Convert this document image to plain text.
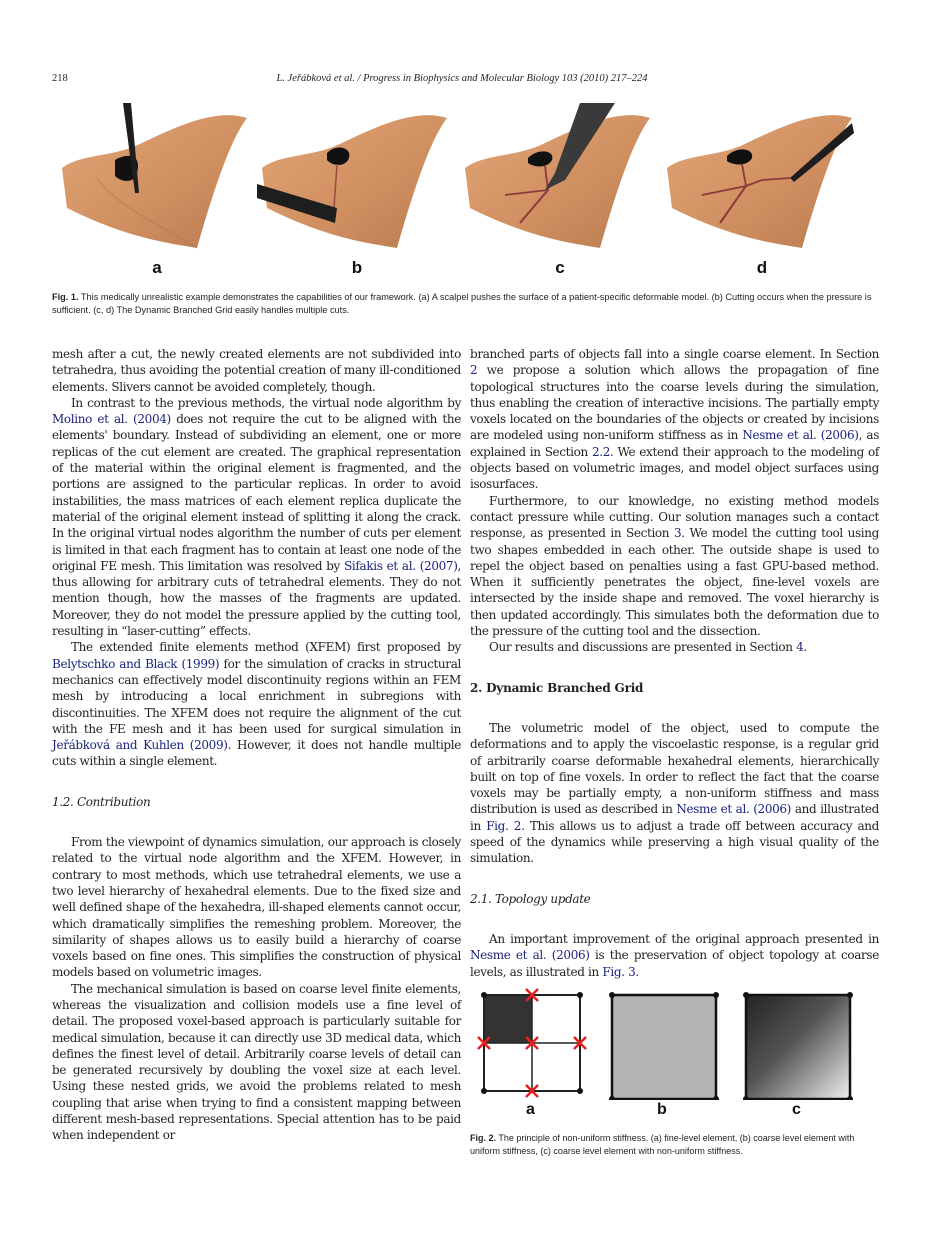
218	L. Jeřábková et al. / Progress in Biophysics and Molecular Biology 103 (2010) 217–224
a	b	c	d
Fig. 1. This medically unrealistic example demonstrates the capabilities of our framework. (a) A scalpel pushes the surface of a patient-specific deformable model. (b) Cutting occurs when the pressure is sufficient. (c, d) The Dynamic Branched Grid easily handles multiple cuts.

mesh after a cut, the newly created elements are not subdivided into tetrahedra, thus avoiding the potential creation of many ill-conditioned elements. Slivers cannot be avoided completely, though.

In contrast to the previous methods, the virtual node algorithm by Molino et al. (2004) does not require the cut to be aligned with the elements' boundary. Instead of subdividing an element, one or more replicas of the cut element are created. The graphical representation of the material within the original element is fragmented, and the portions are assigned to the particular replicas. In order to avoid instabilities, the mass matrices of each element replica duplicate the material of the original element instead of splitting it along the crack. In the original virtual nodes algorithm the number of cuts per element is limited in that each fragment has to contain at least one node of the original FE mesh. This limitation was resolved by Sifakis et al. (2007), thus allowing for arbitrary cuts of tetrahedral elements. They do not mention though, how the masses of the fragments are updated. Moreover, they do not model the pressure applied by the cutting tool, resulting in “laser-cutting” effects.

The extended finite elements method (XFEM) first proposed by Belytschko and Black (1999) for the simulation of cracks in structural mechanics can effectively model discontinuity regions within an FEM mesh by introducing a local enrichment in subregions with discontinuities. The XFEM does not require the alignment of the cut with the FE mesh and it has been used for surgical simulation in Jeřábková and Kuhlen (2009). However, it does not handle multiple cuts within a single element.

1.2. Contribution

From the viewpoint of dynamics simulation, our approach is closely related to the virtual node algorithm and the XFEM. However, in contrary to most methods, which use tetrahedral elements, we use a two level hierarchy of hexahedral elements. Due to the fixed size and well defined shape of the hexahedra, ill-shaped elements cannot occur, which dramatically simplifies the remeshing problem. Moreover, the similarity of shapes allows us to easily build a hierarchy of coarse voxels based on fine ones. This simplifies the construction of physical models based on volumetric images.

The mechanical simulation is based on coarse level finite elements, whereas the visualization and collision models use a fine level of detail. The proposed voxel-based approach is particularly suitable for medical simulation, because it can directly use 3D medical data, which defines the finest level of detail. Arbitrarily coarse levels of detail can be generated recursively by doubling the voxel size at each level. Using these nested grids, we avoid the problems related to mesh coupling that arise when trying to find a consistent mapping between different mesh-based representations. Special attention has to be paid when independent or

branched parts of objects fall into a single coarse element. In Section 2 we propose a solution which allows the propagation of fine topological structures into the coarse levels during the simulation, thus enabling the creation of interactive incisions. The partially empty voxels located on the boundaries of the objects or created by incisions are modeled using non-uniform stiffness as in Nesme et al. (2006), as explained in Section 2.2. We extend their approach to the modeling of objects based on volumetric images, and model object surfaces using isosurfaces.

Furthermore, to our knowledge, no existing method models contact pressure while cutting. Our solution manages such a contact response, as presented in Section 3. We model the cutting tool using two shapes embedded in each other. The outside shape is used to repel the object based on penalties using a fast GPU-based method. When it sufficiently penetrates the object, fine-level voxels are intersected by the inside shape and removed. The voxel hierarchy is then updated accordingly. This simulates both the deformation due to the pressure of the cutting tool and the dissection.

Our results and discussions are presented in Section 4.

2. Dynamic Branched Grid

The volumetric model of the object, used to compute the deformations and to apply the viscoelastic response, is a regular grid of arbitrarily coarse deformable hexahedral elements, hierarchically built on top of fine voxels. In order to reflect the fact that the coarse voxels may be partially empty, a non-uniform stiffness and mass distribution is used as described in Nesme et al. (2006) and illustrated in Fig. 2. This allows us to adjust a trade off between accuracy and speed of the dynamics while preserving a high visual quality of the simulation.

2.1. Topology update

An important improvement of the original approach presented in Nesme et al. (2006) is the preservation of object topology at coarse levels, as illustrated in Fig. 3.

a	b	c
Fig. 2. The principle of non-uniform stiffness. (a) fine-level element, (b) coarse level element with uniform stiffness, (c) coarse level element with non-uniform stiffness.
